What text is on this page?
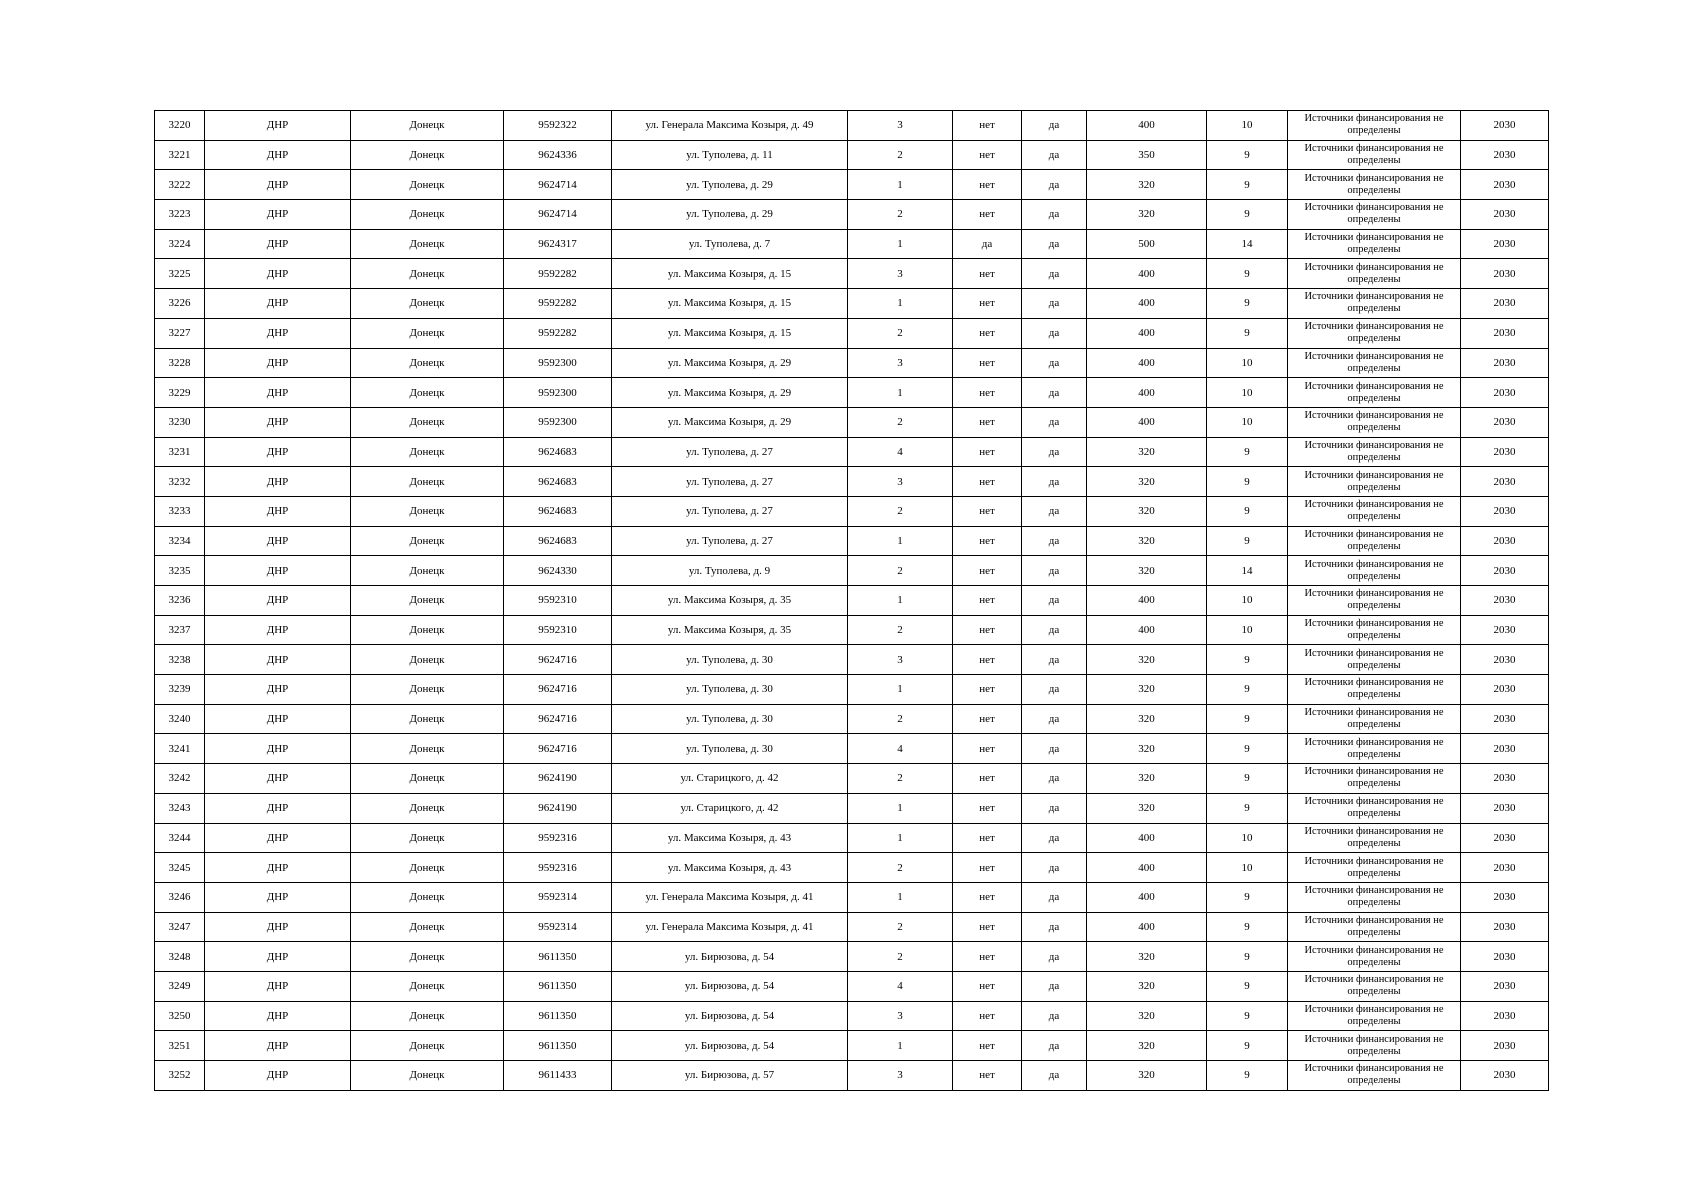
3220	ДНР	Донецк	9592322	ул. Генерала Максима Козыря, д. 49	3	нет	да	400	10	Источники финансирования не определены	2030
3221	ДНР	Донецк	9624336	ул. Туполева, д. 11	2	нет	да	350	9	Источники финансирования не определены	2030
3222	ДНР	Донецк	9624714	ул. Туполева, д. 29	1	нет	да	320	9	Источники финансирования не определены	2030
3223	ДНР	Донецк	9624714	ул. Туполева, д. 29	2	нет	да	320	9	Источники финансирования не определены	2030
3224	ДНР	Донецк	9624317	ул. Туполева, д. 7	1	да	да	500	14	Источники финансирования не определены	2030
3225	ДНР	Донецк	9592282	ул. Максима Козыря, д. 15	3	нет	да	400	9	Источники финансирования не определены	2030
3226	ДНР	Донецк	9592282	ул. Максима Козыря, д. 15	1	нет	да	400	9	Источники финансирования не определены	2030
3227	ДНР	Донецк	9592282	ул. Максима Козыря, д. 15	2	нет	да	400	9	Источники финансирования не определены	2030
3228	ДНР	Донецк	9592300	ул. Максима Козыря, д. 29	3	нет	да	400	10	Источники финансирования не определены	2030
3229	ДНР	Донецк	9592300	ул. Максима Козыря, д. 29	1	нет	да	400	10	Источники финансирования не определены	2030
3230	ДНР	Донецк	9592300	ул. Максима Козыря, д. 29	2	нет	да	400	10	Источники финансирования не определены	2030
3231	ДНР	Донецк	9624683	ул. Туполева, д. 27	4	нет	да	320	9	Источники финансирования не определены	2030
3232	ДНР	Донецк	9624683	ул. Туполева, д. 27	3	нет	да	320	9	Источники финансирования не определены	2030
3233	ДНР	Донецк	9624683	ул. Туполева, д. 27	2	нет	да	320	9	Источники финансирования не определены	2030
3234	ДНР	Донецк	9624683	ул. Туполева, д. 27	1	нет	да	320	9	Источники финансирования не определены	2030
3235	ДНР	Донецк	9624330	ул. Туполева, д. 9	2	нет	да	320	14	Источники финансирования не определены	2030
3236	ДНР	Донецк	9592310	ул. Максима Козыря, д. 35	1	нет	да	400	10	Источники финансирования не определены	2030
3237	ДНР	Донецк	9592310	ул. Максима Козыря, д. 35	2	нет	да	400	10	Источники финансирования не определены	2030
3238	ДНР	Донецк	9624716	ул. Туполева, д. 30	3	нет	да	320	9	Источники финансирования не определены	2030
3239	ДНР	Донецк	9624716	ул. Туполева, д. 30	1	нет	да	320	9	Источники финансирования не определены	2030
3240	ДНР	Донецк	9624716	ул. Туполева, д. 30	2	нет	да	320	9	Источники финансирования не определены	2030
3241	ДНР	Донецк	9624716	ул. Туполева, д. 30	4	нет	да	320	9	Источники финансирования не определены	2030
3242	ДНР	Донецк	9624190	ул. Старицкого, д. 42	2	нет	да	320	9	Источники финансирования не определены	2030
3243	ДНР	Донецк	9624190	ул. Старицкого, д. 42	1	нет	да	320	9	Источники финансирования не определены	2030
3244	ДНР	Донецк	9592316	ул. Максима Козыря, д. 43	1	нет	да	400	10	Источники финансирования не определены	2030
3245	ДНР	Донецк	9592316	ул. Максима Козыря, д. 43	2	нет	да	400	10	Источники финансирования не определены	2030
3246	ДНР	Донецк	9592314	ул. Генерала Максима Козыря, д. 41	1	нет	да	400	9	Источники финансирования не определены	2030
3247	ДНР	Донецк	9592314	ул. Генерала Максима Козыря, д. 41	2	нет	да	400	9	Источники финансирования не определены	2030
3248	ДНР	Донецк	9611350	ул. Бирюзова, д. 54	2	нет	да	320	9	Источники финансирования не определены	2030
3249	ДНР	Донецк	9611350	ул. Бирюзова, д. 54	4	нет	да	320	9	Источники финансирования не определены	2030
3250	ДНР	Донецк	9611350	ул. Бирюзова, д. 54	3	нет	да	320	9	Источники финансирования не определены	2030
3251	ДНР	Донецк	9611350	ул. Бирюзова, д. 54	1	нет	да	320	9	Источники финансирования не определены	2030
3252	ДНР	Донецк	9611433	ул. Бирюзова, д. 57	3	нет	да	320	9	Источники финансирования не определены	2030
